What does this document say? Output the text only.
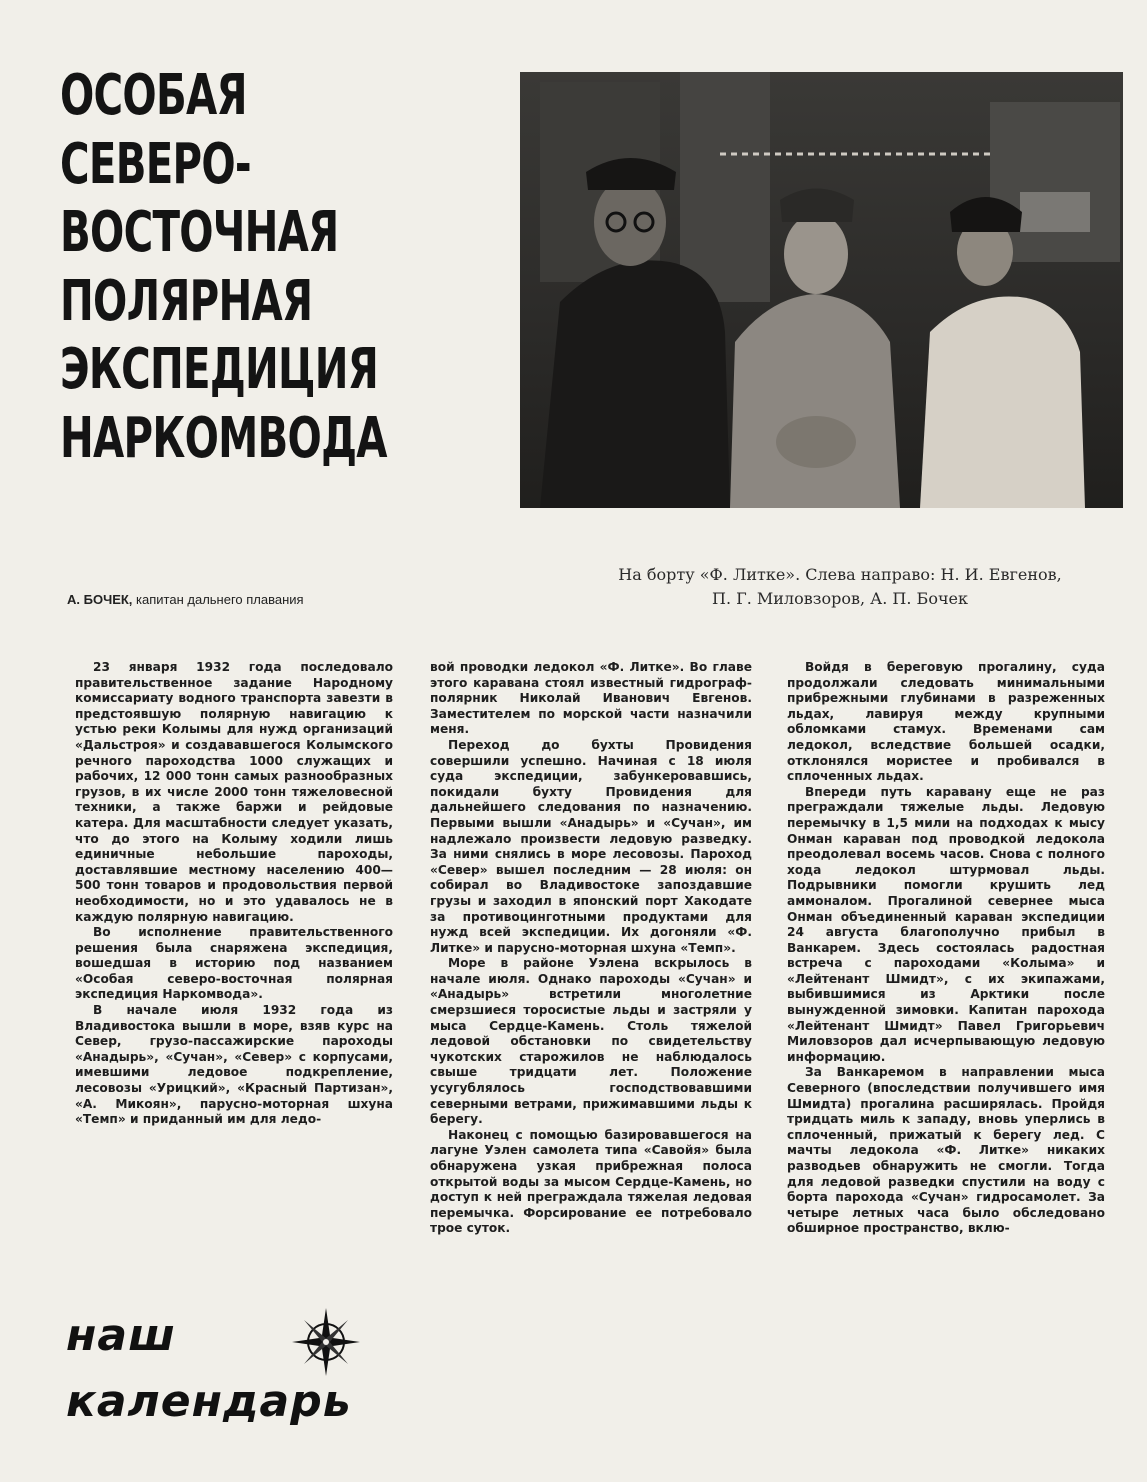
ОСОБАЯ
СЕВЕРО-
ВОСТОЧНАЯ
ПОЛЯРНАЯ
ЭКСПЕДИЦИЯ
НАРКОМВОДА
На борту «Ф. Литке». Слева направо: Н. И. Евгенов,
П. Г. Миловзоров, А. П. Бочек
А. БОЧЕК, капитан дальнего плавания

23 января 1932 года последовало правительственное задание Народному комиссариату водного транспорта завезти в предстоявшую полярную навигацию к устью реки Колымы для нужд организаций «Дальстроя» и создававшегося Колымского речного пароходства 1000 служащих и рабочих, 12 000 тонн самых разнообразных грузов, в их числе 2000 тонн тяжеловесной техники, а также баржи и рейдовые катера. Для масштабности следует указать, что до этого на Колыму ходили лишь единичные небольшие пароходы, доставлявшие местному населению 400—500 тонн товаров и продовольствия первой необходимости, но и это удавалось не в каждую полярную навигацию.

Во исполнение правительственного решения была снаряжена экспедиция, вошедшая в историю под названием «Особая северо-восточная полярная экспедиция Наркомвода».

В начале июля 1932 года из Владивостока вышли в море, взяв курс на Север, грузо-пассажирские пароходы «Анадырь», «Сучан», «Север» с корпусами, имевшими ледовое подкрепление, лесовозы «Урицкий», «Красный Партизан», «А. Микоян», парусно-моторная шхуна «Темп» и приданный им для ледо-

вой проводки ледокол «Ф. Литке». Во главе этого каравана стоял известный гидрограф-полярник Николай Иванович Евгенов. Заместителем по морской части назначили меня.

Переход до бухты Провидения совершили успешно. Начиная с 18 июля суда экспедиции, забункеровавшись, покидали бухту Провидения для дальнейшего следования по назначению. Первыми вышли «Анадырь» и «Сучан», им надлежало произвести ледовую разведку. За ними снялись в море лесовозы. Пароход «Север» вышел последним — 28 июля: он собирал во Владивостоке запоздавшие грузы и заходил в японский порт Хакодате за противоцинготными продуктами для нужд всей экспедиции. Их догоняли «Ф. Литке» и парусно-моторная шхуна «Темп».

Море в районе Уэлена вскрылось в начале июля. Однако пароходы «Сучан» и «Анадырь» встретили многолетние смерзшиеся торосистые льды и застряли у мыса Сердце-Камень. Столь тяжелой ледовой обстановки по свидетельству чукотских старожилов не наблюдалось свыше тридцати лет. Положение усугублялось господствовавшими северными ветрами, прижимавшими льды к берегу.

Наконец с помощью базировавшегося на лагуне Уэлен самолета типа «Савойя» была обнаружена узкая прибрежная полоса открытой воды за мысом Сердце-Камень, но доступ к ней преграждала тяжелая ледовая перемычка. Форсирование ее потребовало трое суток.

Войдя в береговую прогалину, суда продолжали следовать минимальными прибрежными глубинами в разреженных льдах, лавируя между крупными обломками стамух. Временами сам ледокол, вследствие большей осадки, отклонялся мористее и пробивался в сплоченных льдах.

Впереди путь каравану еще не раз преграждали тяжелые льды. Ледовую перемычку в 1,5 мили на подходах к мысу Онман караван под проводкой ледокола преодолевал восемь часов. Снова с полного хода ледокол штурмовал льды. Подрывники помогли крушить лед аммоналом. Прогалиной севернее мыса Онман объединенный караван экспедиции 24 августа благополучно прибыл в Ванкарем. Здесь состоялась радостная встреча с пароходами «Колыма» и «Лейтенант Шмидт», с их экипажами, выбившимися из Арктики после вынужденной зимовки. Капитан парохода «Лейтенант Шмидт» Павел Григорьевич Миловзоров дал исчерпывающую ледовую информацию.

За Ванкаремом в направлении мыса Северного (впоследствии получившего имя Шмидта) прогалина расширялась. Пройдя тридцать миль к западу, вновь уперлись в сплоченный, прижатый к берегу лед. С мачты ледокола «Ф. Литке» никаких разводьев обнаружить не смогли. Тогда для ледовой разведки спустили на воду с борта парохода «Сучан» гидросамолет. За четыре летных часа было обследовано обширное пространство, вклю-

наш
календарь
